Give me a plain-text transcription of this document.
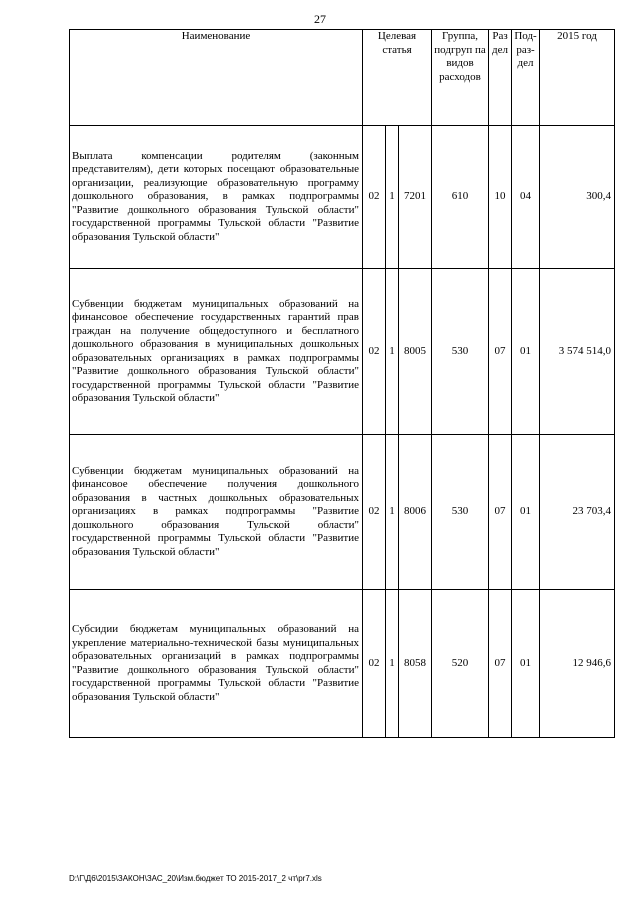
27
Наименование	Целевая статья			Группа, подгруп па видов расходов	Раз дел	Под- раз- дел	2015 год
Выплата компенсации родителям (законным представителям), дети которых посещают образовательные организации, реализующие образовательную программу дошкольного образования, в рамках подпрограммы "Развитие дошкольного образования Тульской области" государственной программы Тульской области "Развитие образования Тульской области"	02	1	7201	610	10	04	300,4
Субвенции бюджетам муниципальных образований на финансовое обеспечение государственных гарантий прав граждан на получение общедоступного и бесплатного дошкольного образования в муниципальных дошкольных образовательных организациях в рамках подпрограммы "Развитие дошкольного образования Тульской области" государственной программы Тульской области "Развитие образования Тульской области"	02	1	8005	530	07	01	3 574 514,0
Субвенции бюджетам муниципальных образований на финансовое обеспечение получения дошкольного образования в частных дошкольных образовательных организациях в рамках подпрограммы "Развитие дошкольного образования Тульской области" государственной программы Тульской области "Развитие образования Тульской области"	02	1	8006	530	07	01	23 703,4
Субсидии бюджетам муниципальных образований на укрепление материально-технической базы муниципальных образовательных организаций в рамках подпрограммы "Развитие дошкольного образования Тульской области" государственной программы Тульской области "Развитие образования Тульской области"	02	1	8058	520	07	01	12 946,6
D:\Г\Д6\2015\ЗАКОН\ЗАС_20\Изм.бюджет ТО 2015-2017_2 чт\pr7.xls
